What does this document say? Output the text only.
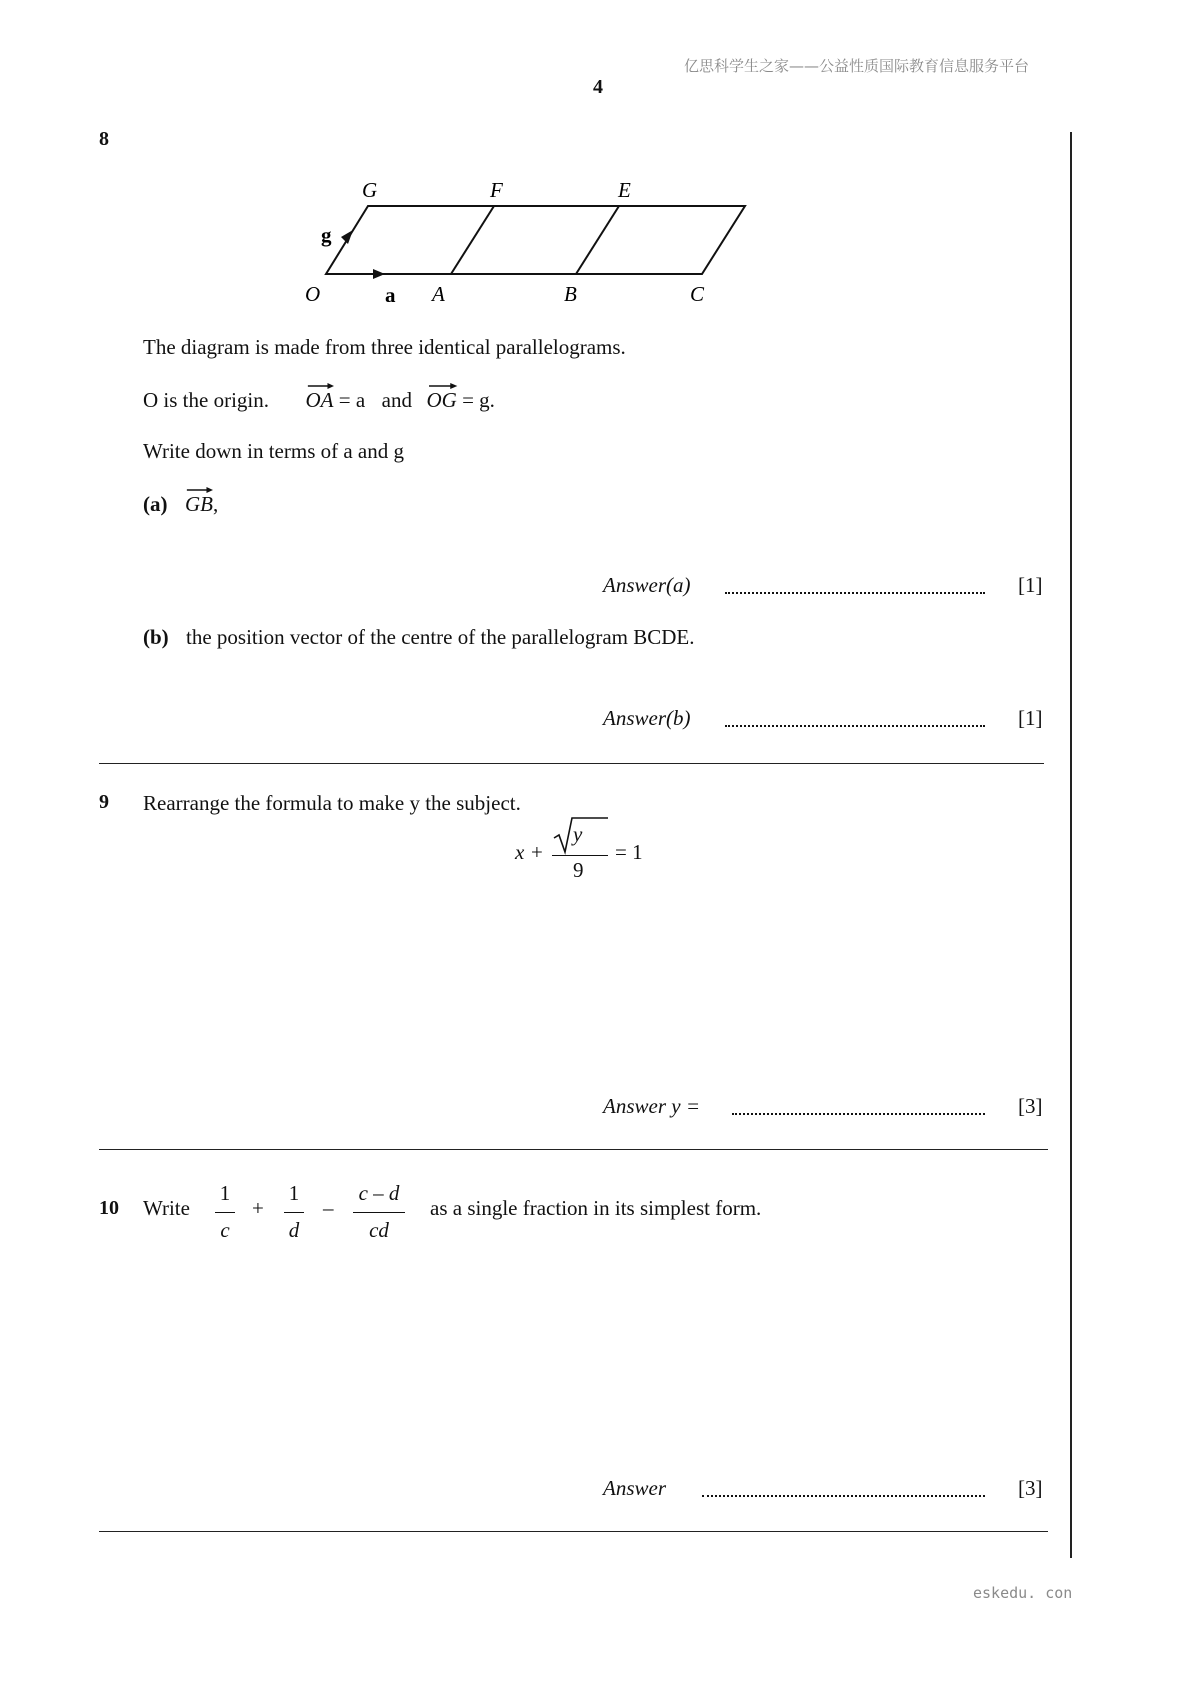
亿思科学生之家——公益性质国际教育信息服务平台
4
eskedu. con
8
G	F	E
O	A	B	C
a
g
The diagram is made from three identical parallelograms.
O is the origin. OA = a and OG = g.
Write down in terms of a and g
(a) GB
,
Answer(a)	[1]
(b) the position vector of the centre of the parallelogram BCDE.
Answer(b)	[1]
9 Rearrange the formula to make y the subject.
x +
y
9
= 1
Answer y =	[3]
10 Write $\frac{1}{c} + \frac{1}{d} - \frac{c - d}{cd}$ as a single fraction in its simplest form.
Answer	[3]
